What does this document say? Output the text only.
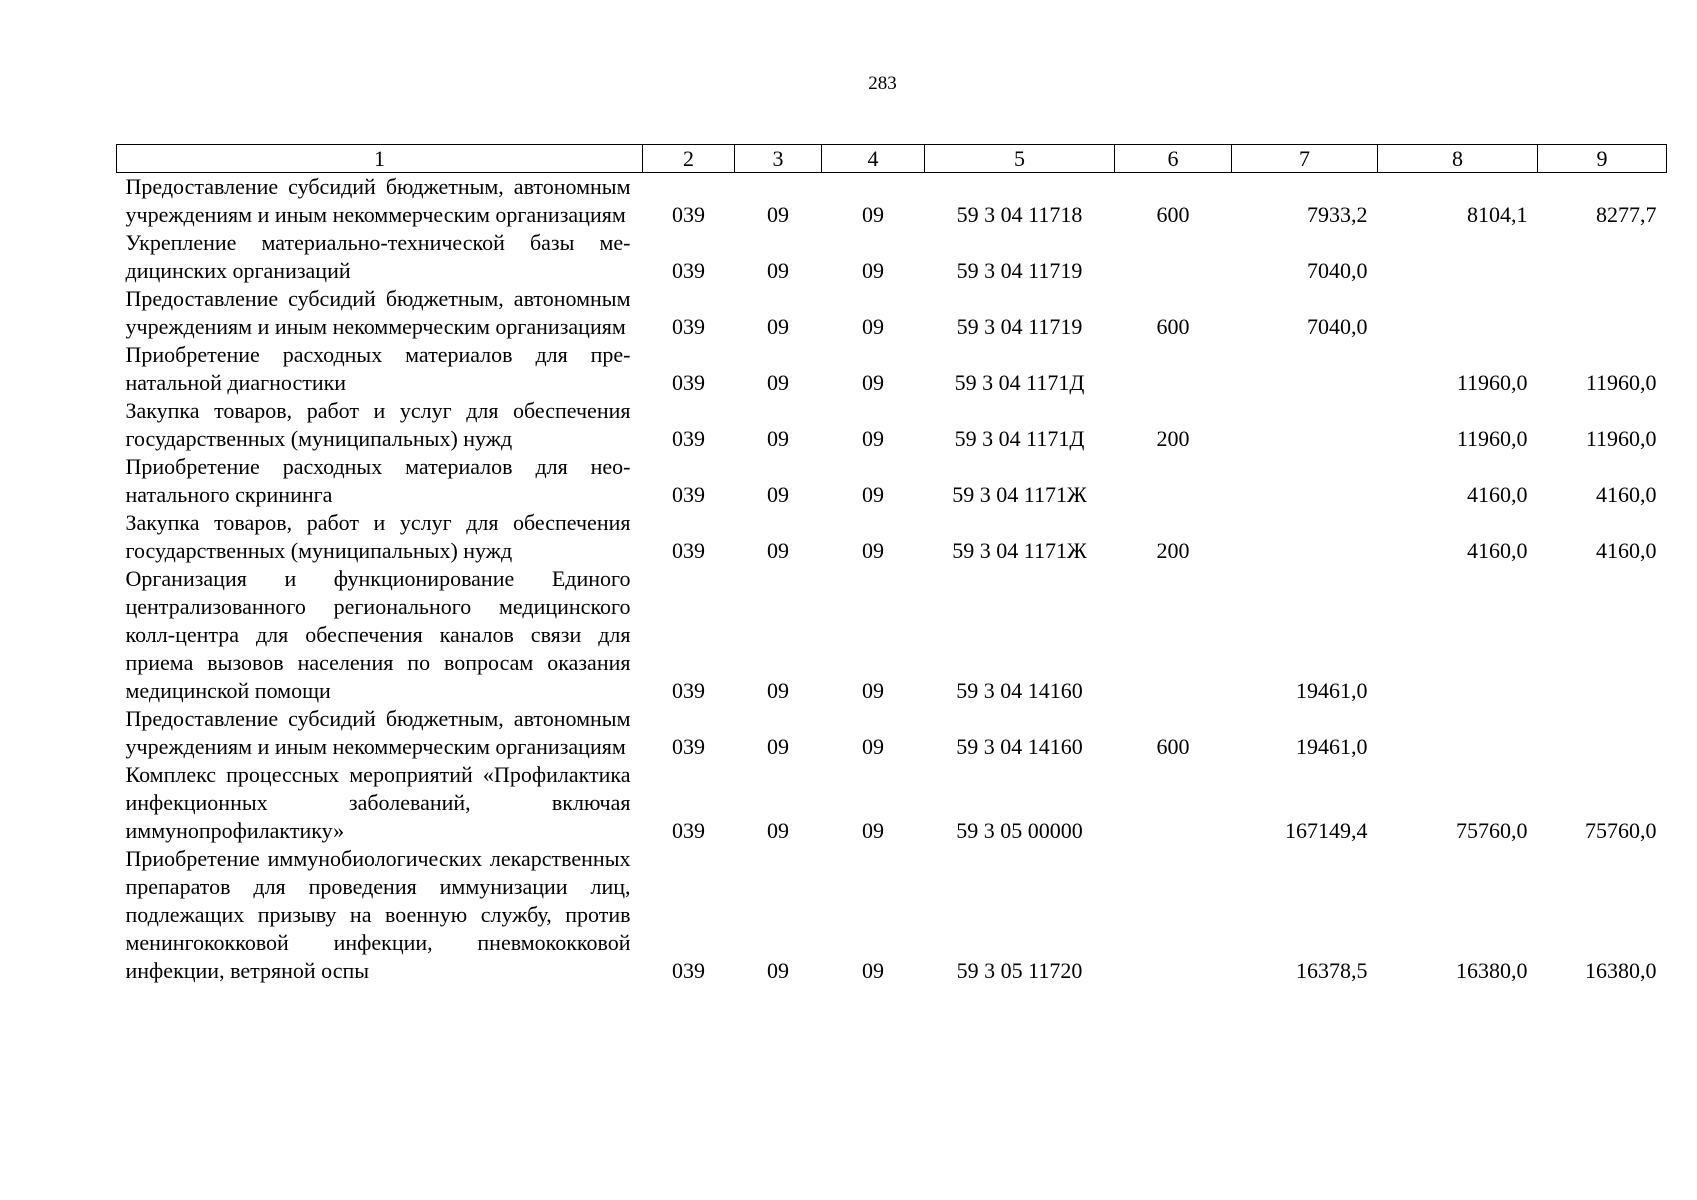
283
1	2	3	4	5	6	7	8	9
Предоставление субсидий бюджетным, автономным учреждениям и иным некоммерческим организациям	039	09	09	59 3 04 11718	600	7933,2	8104,1	8277,7
Укрепление материально-технической базы медицинских организаций	039	09	09	59 3 04 11719		7040,0		
Предоставление субсидий бюджетным, автономным учреждениям и иным некоммерческим организациям	039	09	09	59 3 04 11719	600	7040,0		
Приобретение расходных материалов для пренатальной диагностики	039	09	09	59 3 04 1171Д			11960,0	11960,0
Закупка товаров, работ и услуг для обеспечения государственных (муниципальных) нужд	039	09	09	59 3 04 1171Д	200		11960,0	11960,0
Приобретение расходных материалов для неонатального скрининга	039	09	09	59 3 04 1171Ж			4160,0	4160,0
Закупка товаров, работ и услуг для обеспечения государственных (муниципальных) нужд	039	09	09	59 3 04 1171Ж	200		4160,0	4160,0
Организация и функционирование Единого централизованного регионального медицинского колл-центра для обеспечения каналов связи для приема вызовов населения по вопросам оказания медицинской помощи	039	09	09	59 3 04 14160		19461,0		
Предоставление субсидий бюджетным, автономным учреждениям и иным некоммерческим организациям	039	09	09	59 3 04 14160	600	19461,0		
Комплекс процессных мероприятий «Профилактика инфекционных заболеваний, включая иммунопрофилактику»	039	09	09	59 3 05 00000		167149,4	75760,0	75760,0
Приобретение иммунобиологических лекарственных препаратов для проведения иммунизации лиц, подлежащих призыву на военную службу, против менингококковой инфекции, пневмококковой инфекции, ветряной оспы	039	09	09	59 3 05 11720		16378,5	16380,0	16380,0
